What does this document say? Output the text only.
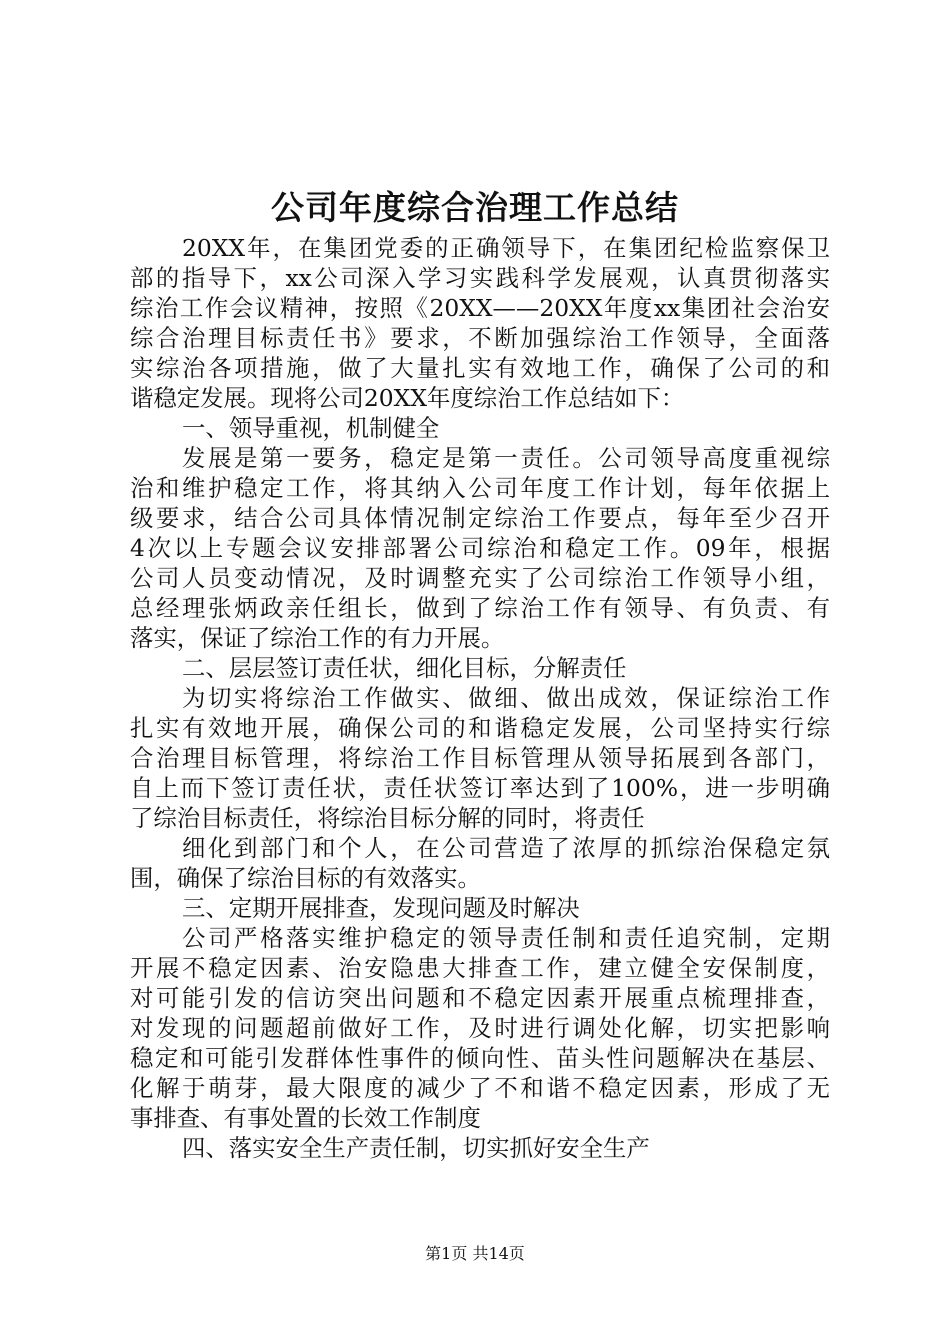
公司年度综合治理工作总结
20XX年，在集团党委的正确领导下，在集团纪检监察保卫
部的指导下，xx公司深入学习实践科学发展观，认真贯彻落实
综治工作会议精神，按照《20XX——20XX年度xx集团社会治安
综合治理目标责任书》要求，不断加强综治工作领导，全面落
实综治各项措施，做了大量扎实有效地工作，确保了公司的和
谐稳定发展。现将公司20XX年度综治工作总结如下：
一、领导重视，机制健全
发展是第一要务，稳定是第一责任。公司领导高度重视综
治和维护稳定工作，将其纳入公司年度工作计划，每年依据上
级要求，结合公司具体情况制定综治工作要点，每年至少召开
4次以上专题会议安排部署公司综治和稳定工作。09年，根据
公司人员变动情况，及时调整充实了公司综治工作领导小组，
总经理张炳政亲任组长，做到了综治工作有领导、有负责、有
落实，保证了综治工作的有力开展。
二、层层签订责任状，细化目标，分解责任
为切实将综治工作做实、做细、做出成效，保证综治工作
扎实有效地开展，确保公司的和谐稳定发展，公司坚持实行综
合治理目标管理，将综治工作目标管理从领导拓展到各部门，
自上而下签订责任状，责任状签订率达到了100%，进一步明确
了综治目标责任，将综治目标分解的同时，将责任
细化到部门和个人，在公司营造了浓厚的抓综治保稳定氛
围，确保了综治目标的有效落实。
三、定期开展排查，发现问题及时解决
公司严格落实维护稳定的领导责任制和责任追究制，定期
开展不稳定因素、治安隐患大排查工作，建立健全安保制度，
对可能引发的信访突出问题和不稳定因素开展重点梳理排查，
对发现的问题超前做好工作，及时进行调处化解，切实把影响
稳定和可能引发群体性事件的倾向性、苗头性问题解决在基层、
化解于萌芽，最大限度的减少了不和谐不稳定因素，形成了无
事排查、有事处置的长效工作制度
四、落实安全生产责任制，切实抓好安全生产
第1页 共14页
